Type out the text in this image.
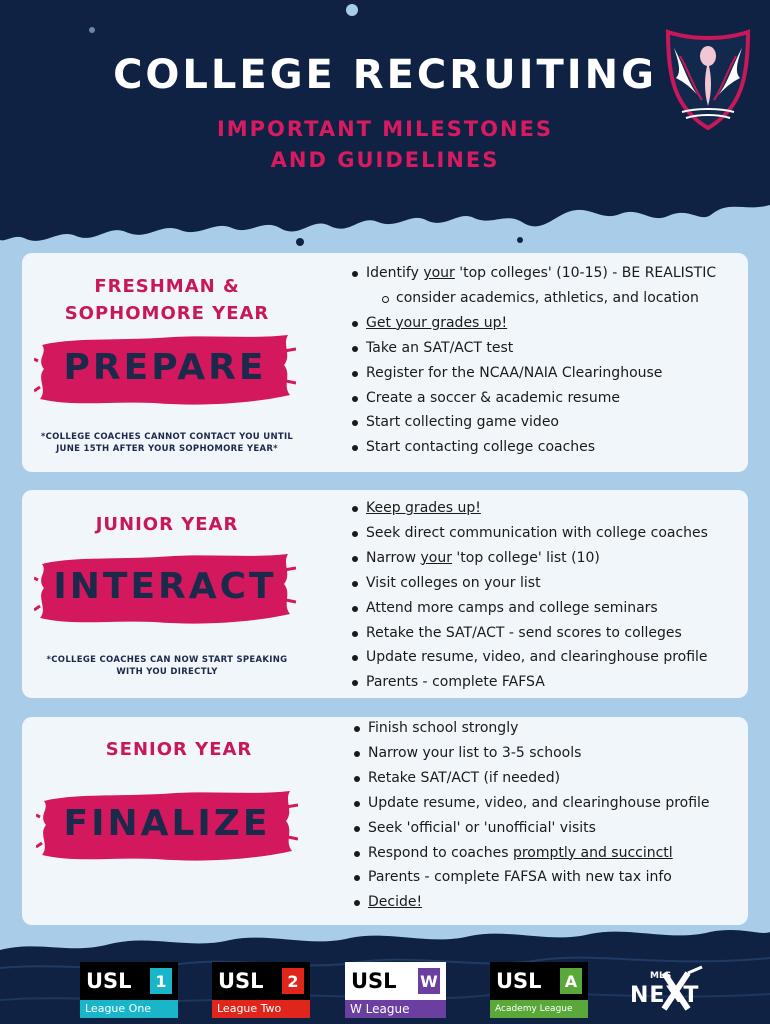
COLLEGE RECRUITING
IMPORTANT MILESTONES
AND GUIDELINES
FRESHMAN &
SOPHOMORE YEAR
PREPARE
*COLLEGE COACHES CANNOT CONTACT YOU UNTIL
JUNE 15TH AFTER YOUR SOPHOMORE YEAR*
Identify your 'top colleges' (10-15) - BE REALISTIC
consider academics, athletics, and location
Get your grades up!
Take an SAT/ACT test
Register for the NCAA/NAIA Clearinghouse
Create a soccer & academic resume
Start collecting game video
Start contacting college coaches
JUNIOR YEAR
INTERACT
*COLLEGE COACHES CAN NOW START SPEAKING
WITH YOU DIRECTLY
Keep grades up!
Seek direct communication with college coaches
Narrow your 'top college' list (10)
Visit colleges on your list
Attend more camps and college seminars
Retake the SAT/ACT - send scores to colleges
Update resume, video, and clearinghouse profile
Parents - complete FAFSA
SENIOR YEAR
FINALIZE
Finish school strongly
Narrow your list to 3-5 schools
Retake SAT/ACT (if needed)
Update resume, video, and clearinghouse profile
Seek 'official' or 'unofficial' visits
Respond to coaches promptly and succinctl
Parents - complete FAFSA with new tax info
Decide!
USL	1
League One
USL	2
League Two
USL W
W League
USL A
Academy League
MLS
NEXT
